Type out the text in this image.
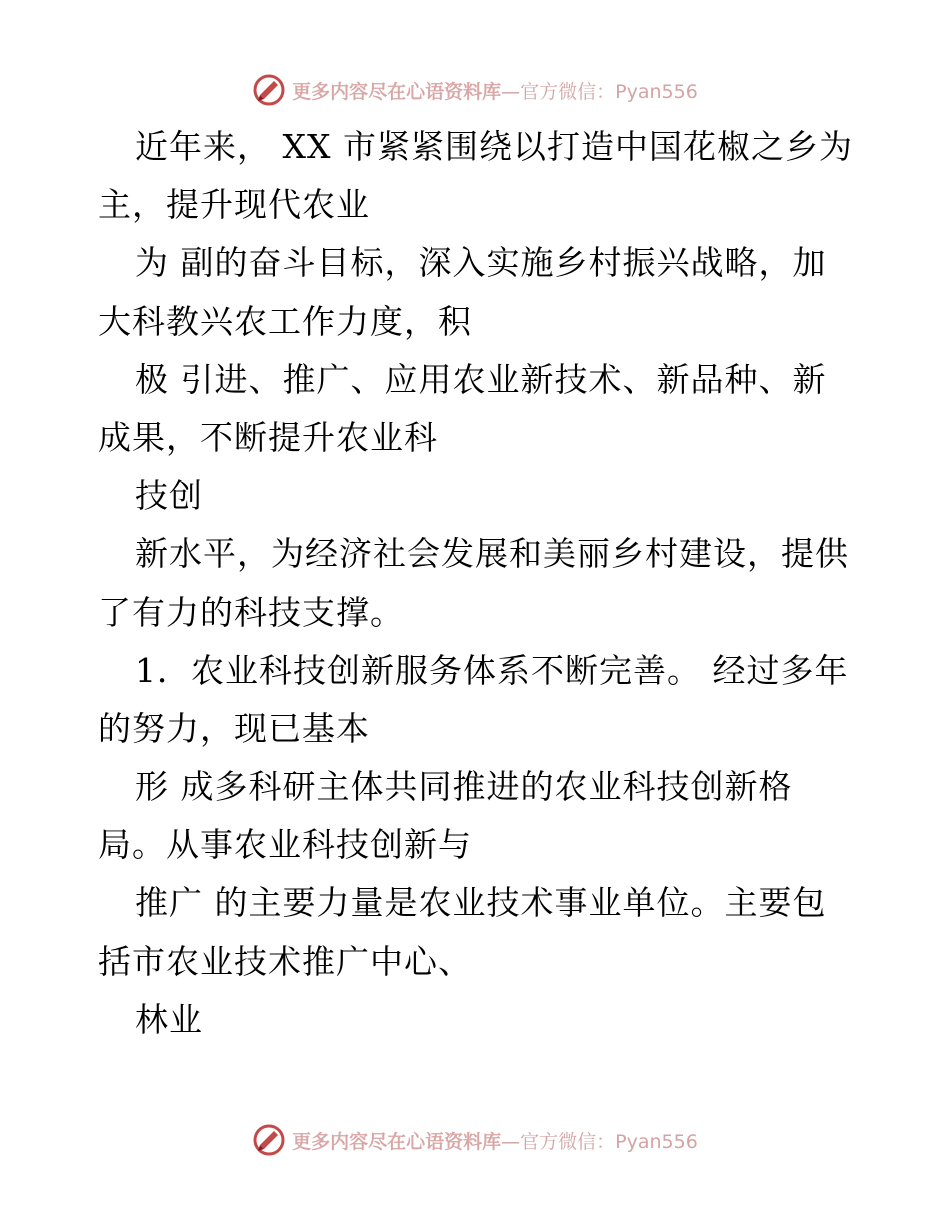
更多内容尽在心语资料库—官方微信：Pyan556
近年来， XX 市紧紧围绕以打造中国花椒之乡为
主，提升现代农业
为 副的奋斗目标，深入实施乡村振兴战略，加
大科教兴农工作力度，积
极 引进、推广、应用农业新技术、新品种、新
成果，不断提升农业科
技创
新水平，为经济社会发展和美丽乡村建设，提供
了有力的科技支撑。
1．农业科技创新服务体系不断完善。 经过多年
的努力，现已基本
形 成多科研主体共同推进的农业科技创新格
局。从事农业科技创新与
推广 的主要力量是农业技术事业单位。主要包
括市农业技术推广中心、
林业
更多内容尽在心语资料库—官方微信：Pyan556
